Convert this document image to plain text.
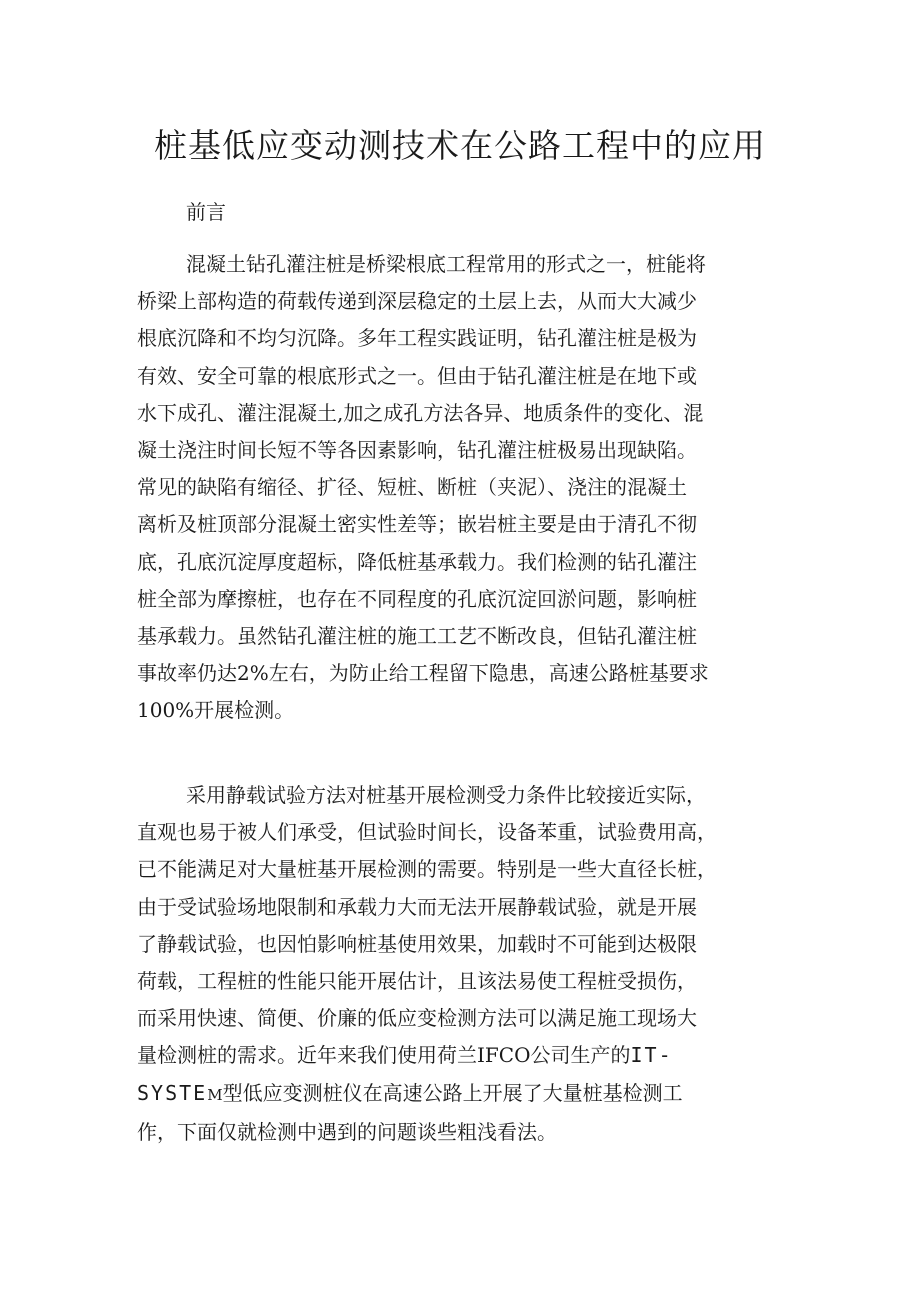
桩基低应变动测技术在公路工程中的应用

前言

混凝土钻孔灌注桩是桥梁根底工程常用的形式之一，桩能将
桥梁上部构造的荷载传递到深层稳定的土层上去，从而大大减少
根底沉降和不均匀沉降。多年工程实践证明，钻孔灌注桩是极为
有效、安全可靠的根底形式之一。但由于钻孔灌注桩是在地下或
水下成孔、灌注混凝土,加之成孔方法各异、地质条件的变化、混
凝土浇注时间长短不等各因素影响，钻孔灌注桩极易出现缺陷。
常见的缺陷有缩径、扩径、短桩、断桩（夹泥）、浇注的混凝土
离析及桩顶部分混凝土密实性差等；嵌岩桩主要是由于清孔不彻
底，孔底沉淀厚度超标，降低桩基承载力。我们检测的钻孔灌注
桩全部为摩擦桩，也存在不同程度的孔底沉淀回淤问题，影响桩
基承载力。虽然钻孔灌注桩的施工工艺不断改良，但钻孔灌注桩
事故率仍达2%左右，为防止给工程留下隐患，高速公路桩基要求
100%开展检测。
采用静载试验方法对桩基开展检测受力条件比较接近实际，
直观也易于被人们承受，但试验时间长，设备苯重，试验费用高，
已不能满足对大量桩基开展检测的需要。特别是一些大直径长桩，
由于受试验场地限制和承载力大而无法开展静载试验，就是开展
了静载试验，也因怕影响桩基使用效果，加载时不可能到达极限
荷载，工程桩的性能只能开展估计，且该法易使工程桩受损伤，
而采用快速、简便、价廉的低应变检测方法可以满足施工现场大
量检测桩的需求。近年来我们使用荷兰IFCO公司生产的IT-
SYSTEM型低应变测桩仪在高速公路上开展了大量桩基检测工
作，下面仅就检测中遇到的问题谈些粗浅看法。
